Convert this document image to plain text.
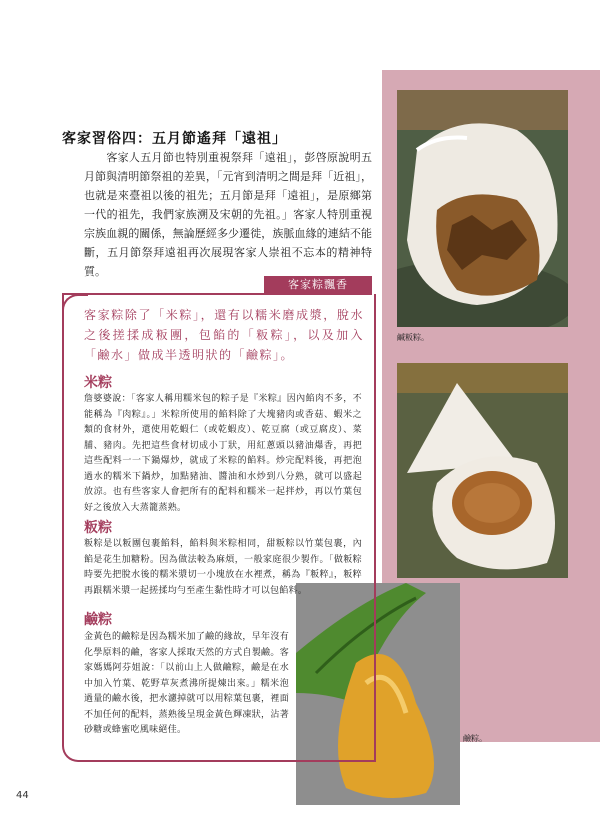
鹹粄粽。
鹼粽。
客家習俗四：五月節遙拜「遠祖」
客家人五月節也特別重視祭拜「遠祖」，彭啓原說明五月節與清明節祭祖的差異，「元宵到清明之間是拜「近祖」，也就是來臺祖以後的祖先；五月節是拜「遠祖」，是原鄉第一代的祖先，我們家族溯及宋朝的先祖。」客家人特別重視宗族血親的關係，無論歷經多少遷徙，族脈血緣的連結不能斷，五月節祭拜遠祖再次展現客家人崇祖不忘本的精神特質。
客家粽飄香
客家粽除了「米粽」，還有以糯米磨成漿，脫水之後搓揉成粄團，包餡的「粄粽」，以及加入「鹼水」做成半透明狀的「鹼粽」。
米粽
詹婆婆說：「客家人稱用糯米包的粽子是『米粽』因內餡肉不多，不能稱為『肉粽』。」米粽所使用的餡料除了大塊豬肉或香菇、蝦米之類的食材外，還使用乾蝦仁（或乾蝦皮）、乾豆腐（或豆腐皮）、菜脯、豬肉。先把這些食材切成小丁狀，用紅蔥頭以豬油爆香，再把這些配料一一下鍋爆炒，就成了米粽的餡料。炒完配料後，再把泡過水的糯米下鍋炒，加點豬油、醬油和水炒到八分熟，就可以盛起放涼。也有些客家人會把所有的配料和糯米一起拌炒，再以竹葉包好之後放入大蒸籠蒸熟。
粄粽
粄粽是以粄團包裹餡料，餡料與米粽相同，甜粄粽以竹葉包裹，內餡是花生加糖粉。因為做法較為麻煩，一般家庭很少製作。「做粄粽時要先把脫水後的糯米漿切一小塊放在水裡煮，稱為『粄粹』，粄粹再跟糯米漿一起搓揉均勻至產生黏性時才可以包餡料。
鹼粽
金黃色的鹼粽是因為糯米加了鹼的緣故，早年沒有化學原料的鹼，客家人採取天然的方式自製鹼。客家媽媽阿芬姐說：「以前山上人做鹼粽，鹼是在水中加入竹葉、乾野草灰煮沸所提煉出來。」糯米泡過量的鹼水後，把水濾掉就可以用粽葉包裹，裡面不加任何的配料，蒸熟後呈現金黃色輝凍狀，沾著砂糖或蜂蜜吃風味絕佳。
44
